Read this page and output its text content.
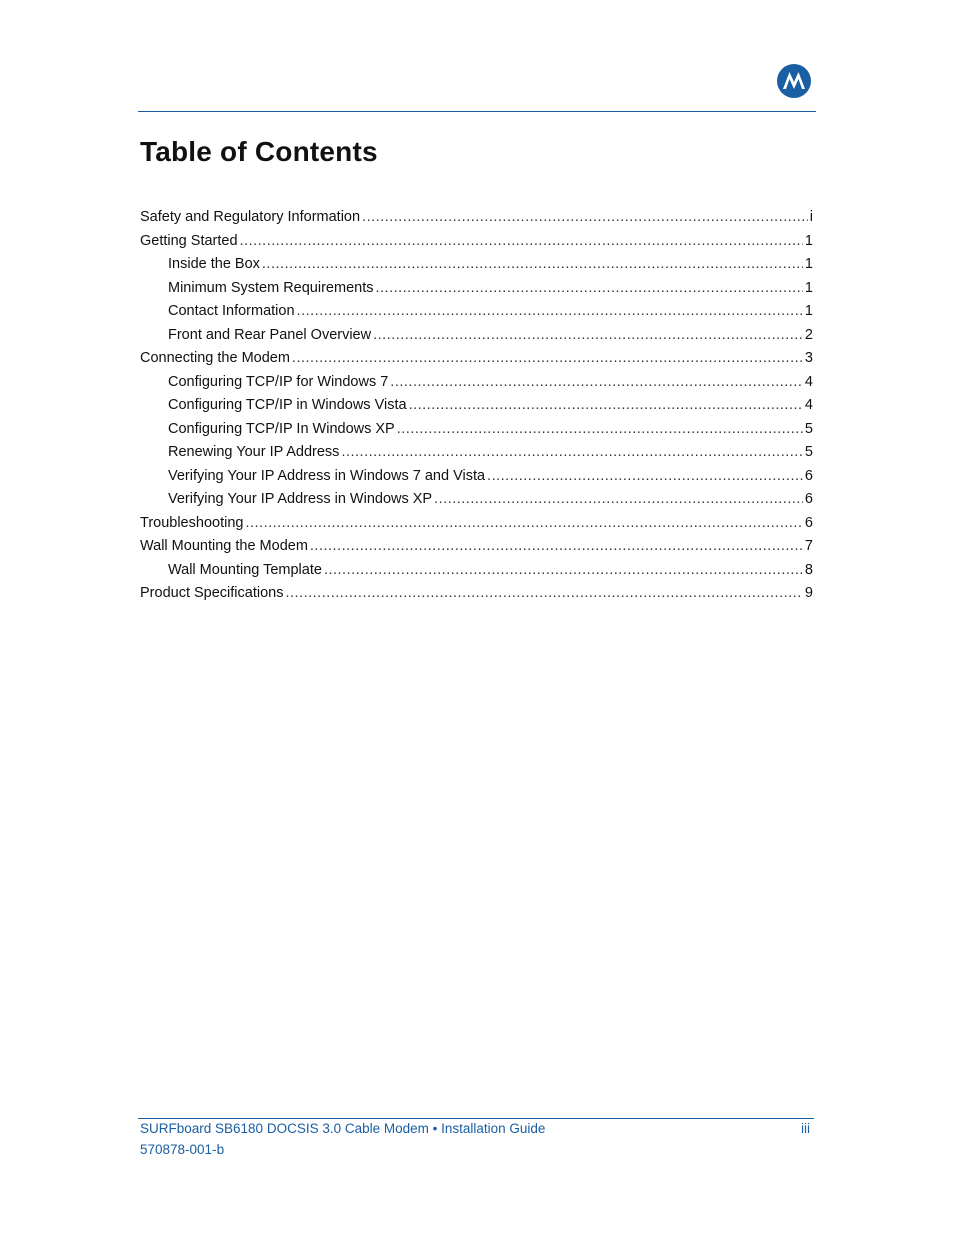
Table of Contents
Safety and Regulatory Information .....	i
Getting Started .....	1
Inside the Box .....	1
Minimum System Requirements .....	1
Contact Information .....	1
Front and Rear Panel Overview .....	2
Connecting the Modem .....	3
Configuring TCP/IP for Windows 7 .....	4
Configuring TCP/IP in Windows Vista .....	4
Configuring TCP/IP In Windows XP .....	5
Renewing Your IP Address .....	5
Verifying Your IP Address in Windows 7 and Vista .....	6
Verifying Your IP Address in Windows XP .....	6
Troubleshooting .....	6
Wall Mounting the Modem .....	7
Wall Mounting Template .....	8
Product Specifications .....	9
SURFboard SB6180 DOCSIS 3.0 Cable Modem • Installation Guide
570878-001-b
iii
